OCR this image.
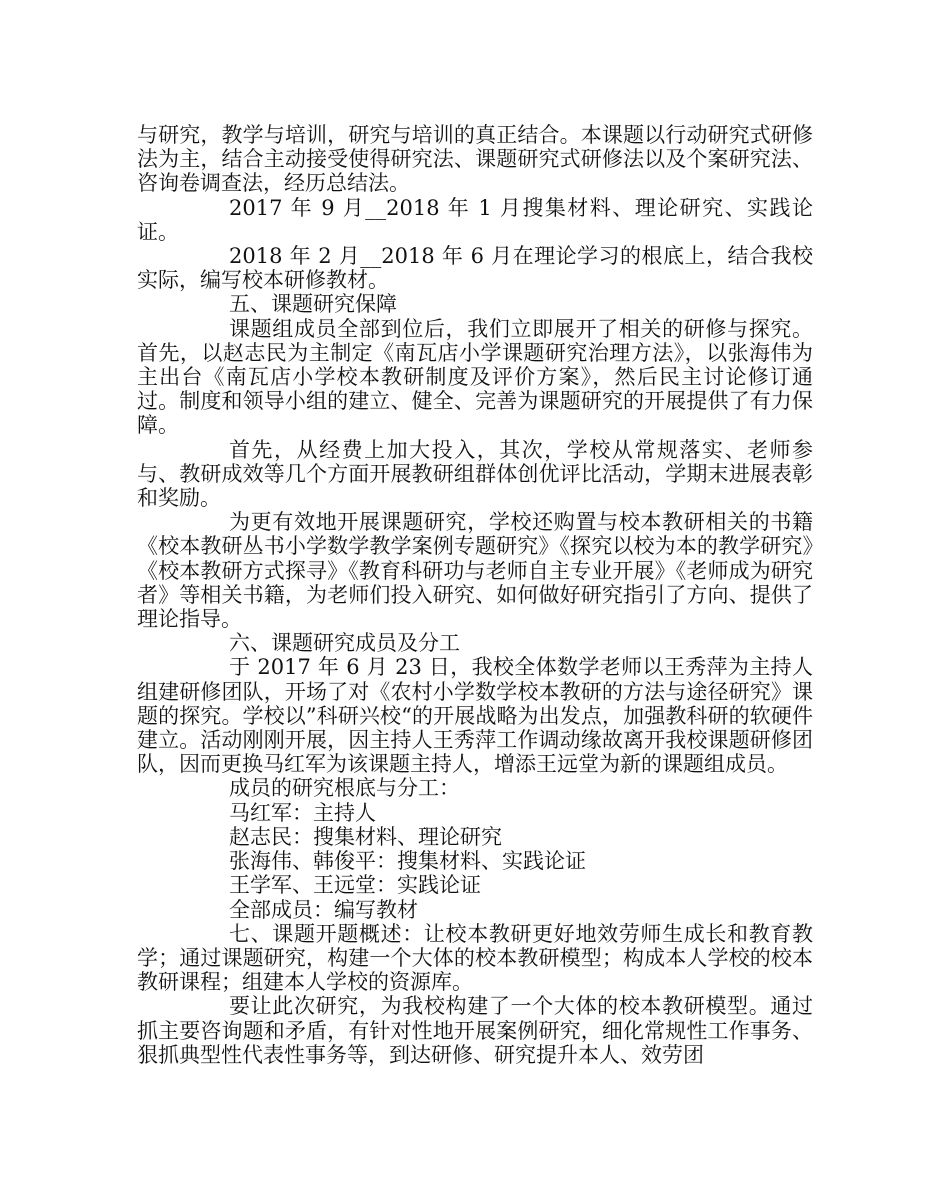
与研究，教学与培训，研究与培训的真正结合。本课题以行动研究式研修法为主，结合主动接受使得研究法、课题研究式研修法以及个案研究法、咨询卷调查法，经历总结法。

2017 年 9 月__2018 年 1 月搜集材料、理论研究、实践论证。

2018 年 2 月__2018 年 6 月在理论学习的根底上，结合我校实际，编写校本研修教材。

五、课题研究保障

课题组成员全部到位后，我们立即展开了相关的研修与探究。首先，以赵志民为主制定《南瓦店小学课题研究治理方法》，以张海伟为主出台《南瓦店小学校本教研制度及评价方案》，然后民主讨论修订通过。制度和领导小组的建立、健全、完善为课题研究的开展提供了有力保障。

首先，从经费上加大投入，其次，学校从常规落实、老师参与、教研成效等几个方面开展教研组群体创优评比活动，学期末进展表彰和奖励。

为更有效地开展课题研究，学校还购置与校本教研相关的书籍《校本教研丛书小学数学教学案例专题研究》《探究以校为本的教学研究》《校本教研方式探寻》《教育科研功与老师自主专业开展》《老师成为研究者》等相关书籍，为老师们投入研究、如何做好研究指引了方向、提供了理论指导。

六、课题研究成员及分工

于 2017 年 6 月 23 日，我校全体数学老师以王秀萍为主持人组建研修团队，开场了对《农村小学数学校本教研的方法与途径研究》课题的探究。学校以”科研兴校“的开展战略为出发点，加强教科研的软硬件建立。活动刚刚开展，因主持人王秀萍工作调动缘故离开我校课题研修团队，因而更换马红军为该课题主持人，增添王远堂为新的课题组成员。

成员的研究根底与分工：

马红军：主持人

赵志民：搜集材料、理论研究

张海伟、韩俊平：搜集材料、实践论证

王学军、王远堂：实践论证

全部成员：编写教材

七、课题开题概述：让校本教研更好地效劳师生成长和教育教学；通过课题研究，构建一个大体的校本教研模型；构成本人学校的校本教研课程；组建本人学校的资源库。

要让此次研究，为我校构建了一个大体的校本教研模型。通过抓主要咨询题和矛盾，有针对性地开展案例研究，细化常规性工作事务、狠抓典型性代表性事务等，到达研修、研究提升本人、效劳团
